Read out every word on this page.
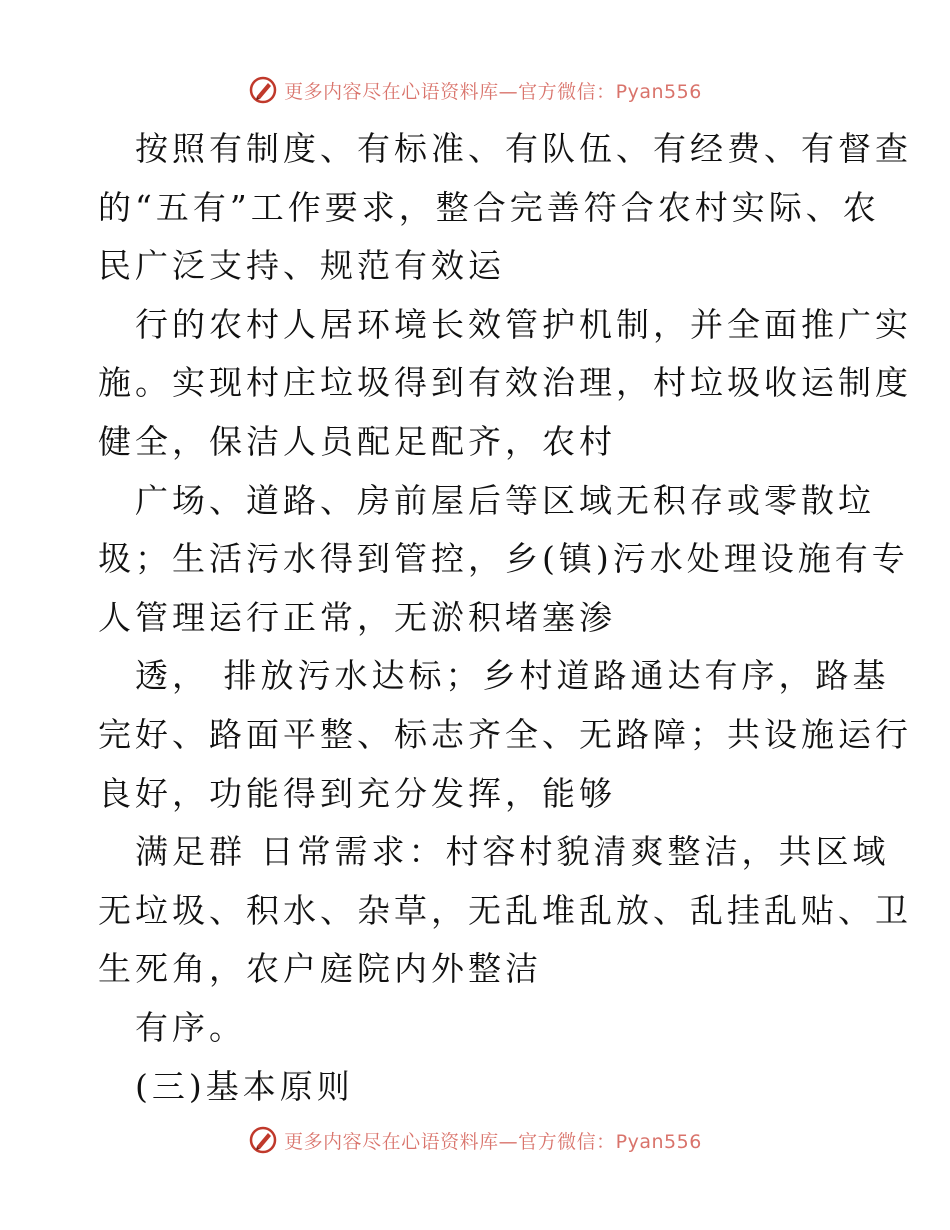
更多内容尽在心语资料库—官方微信：Pyan556

按照有制度、有标准、有队伍、有经费、有督查
的“五有”工作要求，整合完善符合农村实际、农
民广泛支持、规范有效运

行的农村人居环境长效管护机制，并全面推广实
施。实现村庄垃圾得到有效治理，村垃圾收运制度
健全，保洁人员配足配齐，农村

广场、道路、房前屋后等区域无积存或零散垃
圾；生活污水得到管控，乡(镇)污水处理设施有专
人管理运行正常，无淤积堵塞渗

透， 排放污水达标；乡村道路通达有序，路基
完好、路面平整、标志齐全、无路障；共设施运行
良好，功能得到充分发挥，能够

满足群 日常需求：村容村貌清爽整洁，共区域
无垃圾、积水、杂草，无乱堆乱放、乱挂乱贴、卫
生死角，农户庭院内外整洁

有序。

(三)基本原则

更多内容尽在心语资料库—官方微信：Pyan556
